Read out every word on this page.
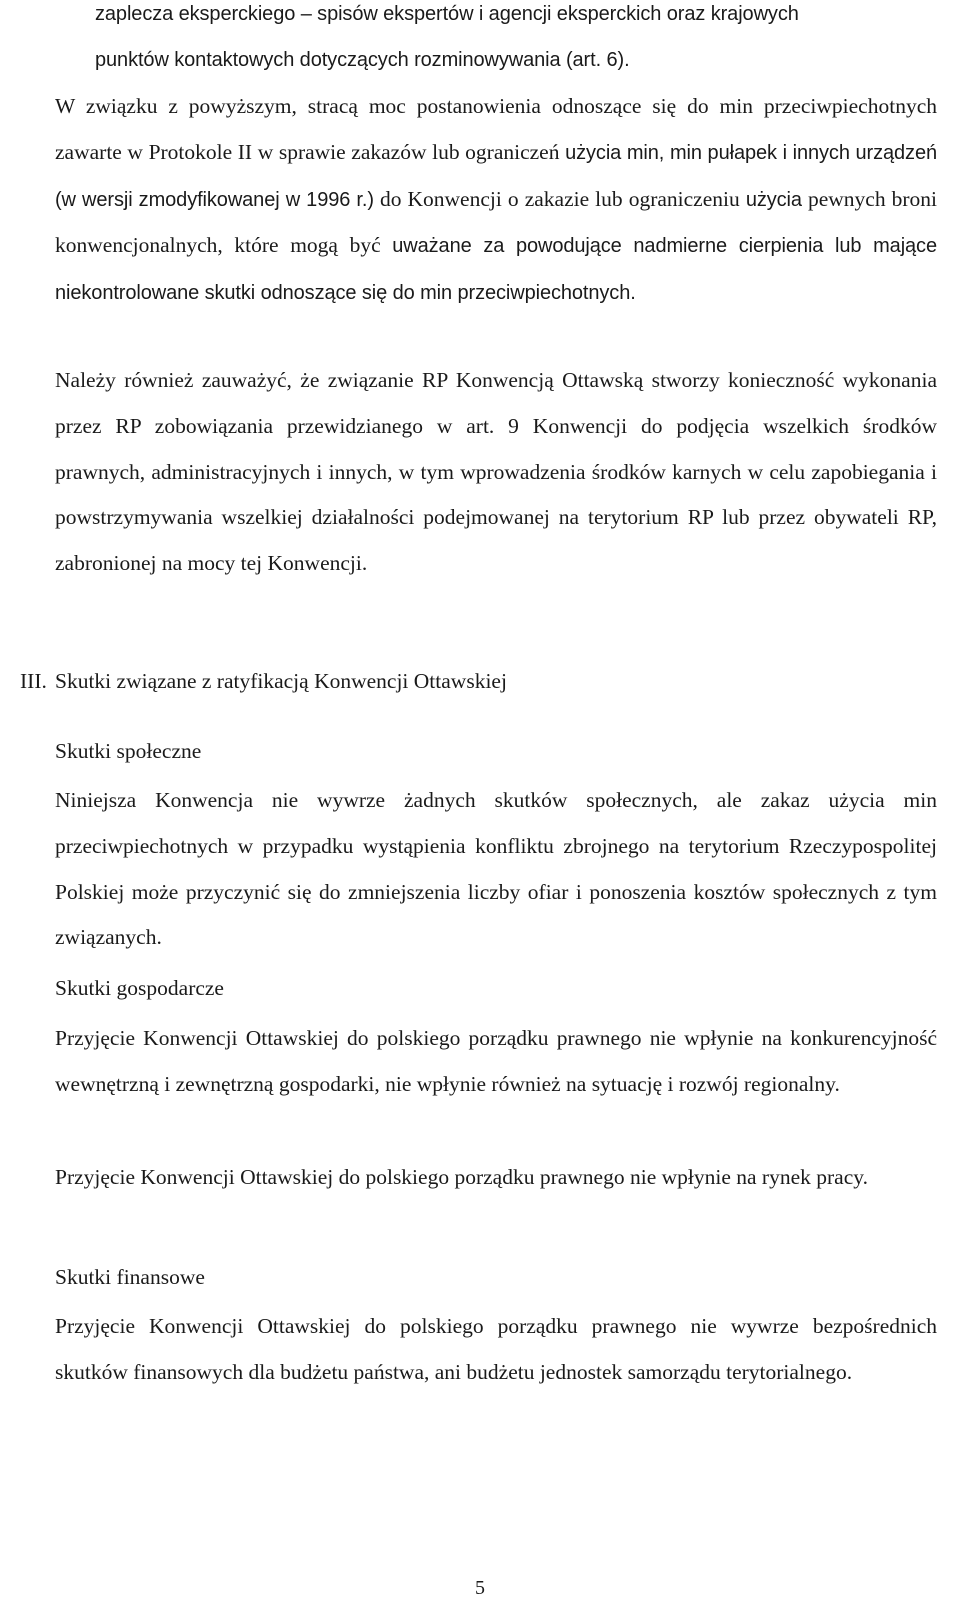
zaplecza eksperckiego – spisów ekspertów i agencji eksperckich oraz krajowych

punktów kontaktowych dotyczących rozminowywania (art. 6).

W związku z powyższym, stracą moc postanowienia odnoszące się do min przeciwpiechotnych zawarte w Protokole II w sprawie zakazów lub ograniczeń użycia min, min pułapek i innych urządzeń (w wersji zmodyfikowanej w 1996 r.) do Konwencji o zakazie lub ograniczeniu użycia pewnych broni konwencjonalnych, które mogą być uważane za powodujące nadmierne cierpienia lub mające niekontrolowane skutki odnoszące się do min przeciwpiechotnych.

Należy również zauważyć, że związanie RP Konwencją Ottawską stworzy konieczność wykonania przez RP zobowiązania przewidzianego w art. 9 Konwencji do podjęcia wszelkich środków prawnych, administracyjnych i innych, w tym wprowadzenia środków karnych w celu zapobiegania i powstrzymywania wszelkiej działalności podejmowanej na terytorium RP lub przez obywateli RP, zabronionej na mocy tej Konwencji.

III. Skutki związane z ratyfikacją Konwencji Ottawskiej

Skutki społeczne

Niniejsza Konwencja nie wywrze żadnych skutków społecznych, ale zakaz użycia min przeciwpiechotnych w przypadku wystąpienia konfliktu zbrojnego na terytorium Rzeczypospolitej Polskiej może przyczynić się do zmniejszenia liczby ofiar i ponoszenia kosztów społecznych z tym związanych.

Skutki gospodarcze

Przyjęcie Konwencji Ottawskiej do polskiego porządku prawnego nie wpłynie na konkurencyjność wewnętrzną i zewnętrzną gospodarki, nie wpłynie również na sytuację i rozwój regionalny.

Przyjęcie Konwencji Ottawskiej do polskiego porządku prawnego nie wpłynie na rynek pracy.

Skutki finansowe

Przyjęcie Konwencji Ottawskiej do polskiego porządku prawnego nie wywrze bezpośrednich skutków finansowych dla budżetu państwa, ani budżetu jednostek samorządu terytorialnego.

5
